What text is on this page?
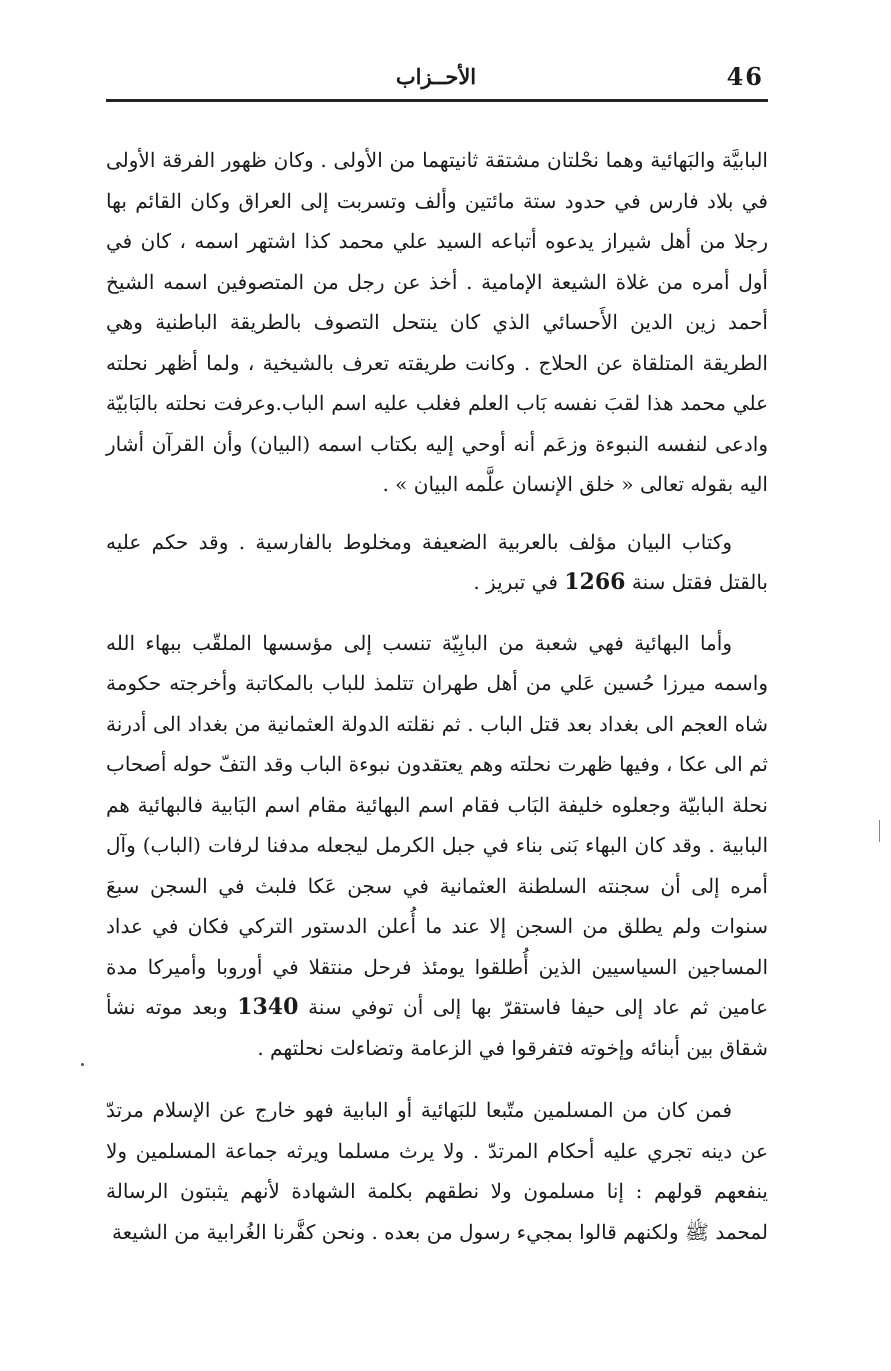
46
الأحــزاب

البابيَّة والبَهائية وهما نحْلتان مشتقة ثانيتهما من الأولى . وكان ظهور الفرقة الأولى في بلاد فارس في حدود ستة مائتين وألف وتسربت إلى العراق وكان القائم بها رجلا من أهل شيراز يدعوه أتباعه السيد علي محمد كذا اشتهر اسمه ، كان في أول أمره من غلاة الشيعة الإمامية . أخذ عن رجل من المتصوفين اسمه الشيخ أحمد زين الدين الأَحسائي الذي كان ينتحل التصوف بالطريقة الباطنية وهي الطريقة المتلقاة عن الحلاج . وكانت طريقته تعرف بالشيخية ، ولما أظهر نحلته علي محمد هذا لقبَ نفسه بَاب العلم فغلب عليه اسم الباب.وعرفت نحلته بالبَابيّة وادعى لنفسه النبوءة وزعَم أنه أوحي إليه بكتاب اسمه (البيان) وأن القرآن أشار اليه بقوله تعالى « خلق الإنسان علَّمه البيان » .

وكتاب البيان مؤلف بالعربية الضعيفة ومخلوط بالفارسية . وقد حكم عليه بالقتل فقتل سنة 1266 في تبريز .

وأما البهائية فهي شعبة من البابِيّة تنسب إلى مؤسسها الملقّب ببهاء الله واسمه ميرزا حُسين عَلي من أهل طهران تتلمذ للباب بالمكاتبة وأخرجته حكومة شاه العجم الى بغداد بعد قتل الباب . ثم نقلته الدولة العثمانية من بغداد الى أدرنة ثم الى عكا ، وفيها ظهرت نحلته وهم يعتقدون نبوءة الباب وقد التفّ حوله أصحاب نحلة البابيّة وجعلوه خليفة البَاب فقام اسم البهائية مقام اسم البَابية فالبهائية هم البابية . وقد كان البهاء بَنى بناء في جبل الكرمل ليجعله مدفنا لرفات (الباب) وآل أمره إلى أن سجنته السلطنة العثمانية في سجن عَكا فلبث في السجن سبعَ سنوات ولم يطلق من السجن إلا عند ما أُعلن الدستور التركي فكان في عداد المساجين السياسيين الذين أُطلقوا يومئذ فرحل منتقلا في أوروبا وأميركا مدة عامين ثم عاد إلى حيفا فاستقرّ بها إلى أن توفي سنة 1340 وبعد موته نشأ شقاق بين أبنائه وإخوته فتفرقوا في الزعامة وتضاءلت نحلتهم .

فمن كان من المسلمين متّبعا للبَهائية أو البابية فهو خارج عن الإسلام مرتدّ عن دينه تجري عليه أحكام المرتدّ . ولا يرث مسلما ويرثه جماعة المسلمين ولا ينفعهم قولهم : إنا مسلمون ولا نطقهم بكلمة الشهادة لأنهم يثبتون الرسالة لمحمد ﷺ ولكنهم قالوا بمجيء رسول من بعده . ونحن كفَّرنا الغُرابية من الشيعة
